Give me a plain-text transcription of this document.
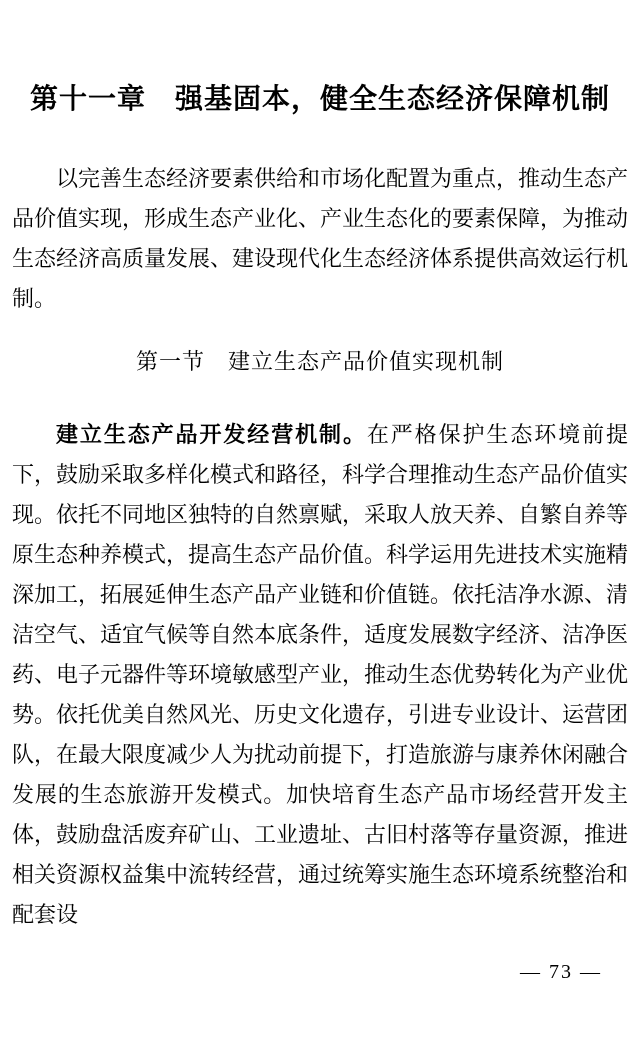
第十一章　强基固本，健全生态经济保障机制

以完善生态经济要素供给和市场化配置为重点，推动生态产品价值实现，形成生态产业化、产业生态化的要素保障，为推动生态经济高质量发展、建设现代化生态经济体系提供高效运行机制。

第一节　建立生态产品价值实现机制

建立生态产品开发经营机制。在严格保护生态环境前提下，鼓励采取多样化模式和路径，科学合理推动生态产品价值实现。依托不同地区独特的自然禀赋，采取人放天养、自繁自养等原生态种养模式，提高生态产品价值。科学运用先进技术实施精深加工，拓展延伸生态产品产业链和价值链。依托洁净水源、清洁空气、适宜气候等自然本底条件，适度发展数字经济、洁净医药、电子元器件等环境敏感型产业，推动生态优势转化为产业优势。依托优美自然风光、历史文化遗存，引进专业设计、运营团队，在最大限度减少人为扰动前提下，打造旅游与康养休闲融合发展的生态旅游开发模式。加快培育生态产品市场经营开发主体，鼓励盘活废弃矿山、工业遗址、古旧村落等存量资源，推进相关资源权益集中流转经营，通过统筹实施生态环境系统整治和配套设

— 73 —
